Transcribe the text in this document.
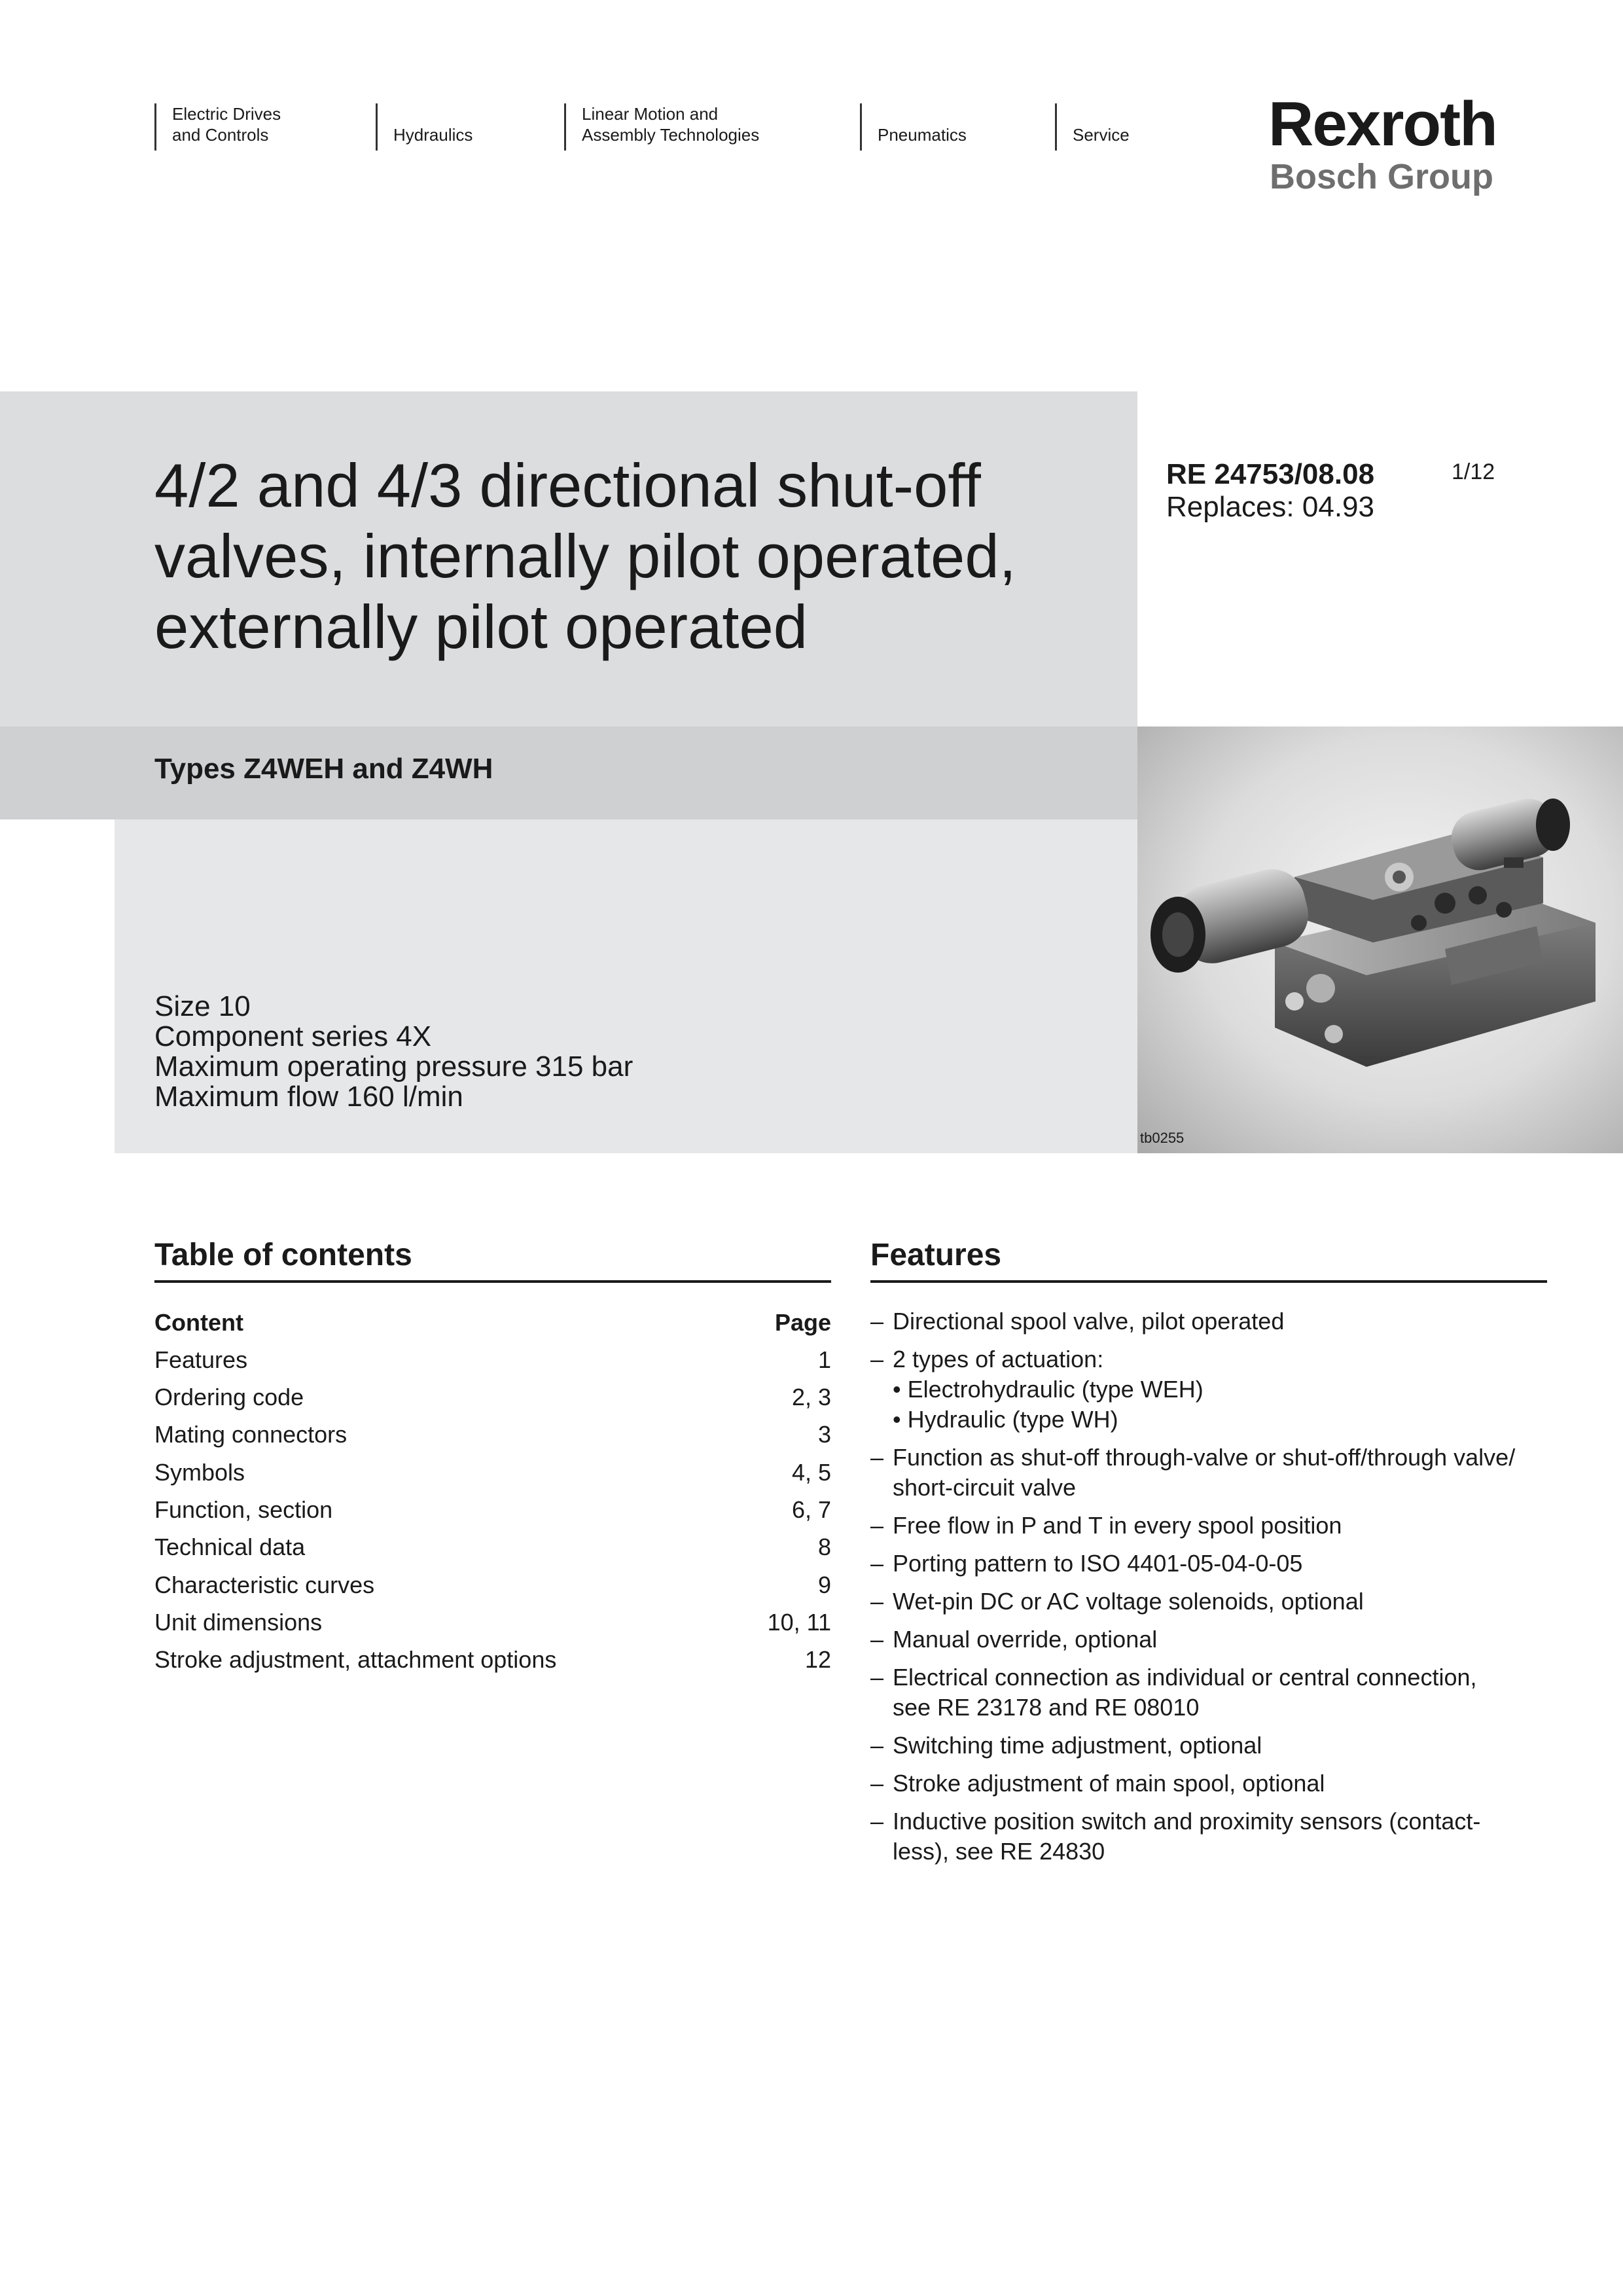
Electric Drives
and Controls	Hydraulics
Linear Motion and
Assembly Technologies	Pneumatics	Service Rexroth
Bosch Group
4/2 and 4/3 directional shut-off
valves, internally pilot operated,
externally pilot operated
Types Z4WEH and Z4WH
Size 10
Component series 4X
Maximum operating pressure 315 bar
Maximum flow 160 l/min
RE 24753/08.08
Replaces: 04.93
1/12
tb0255
Table of contents
Content	Page
Features	1
Ordering code	2, 3
Mating connectors	3
Symbols	4, 5
Function, section	6, 7
Technical data	8
Characteristic curves	9
Unit dimensions	10, 11
Stroke adjustment, attachment options	12
Features
– Directional spool valve, pilot operated
– 2 types of actuation:
• Electrohydraulic (type WEH)
• Hydraulic (type WH)
– Function as shut-off through-valve or shut-off/through valve/
short-circuit valve
– Free flow in P and T in every spool position
– Porting pattern to ISO 4401-05-04-0-05
– Wet-pin DC or AC voltage solenoids, optional
– Manual override, optional
– Electrical connection as individual or central connection,
see RE 23178 and RE 08010
– Switching time adjustment, optional
– Stroke adjustment of main spool, optional
– Inductive position switch and proximity sensors (contact-
less), see RE 24830
